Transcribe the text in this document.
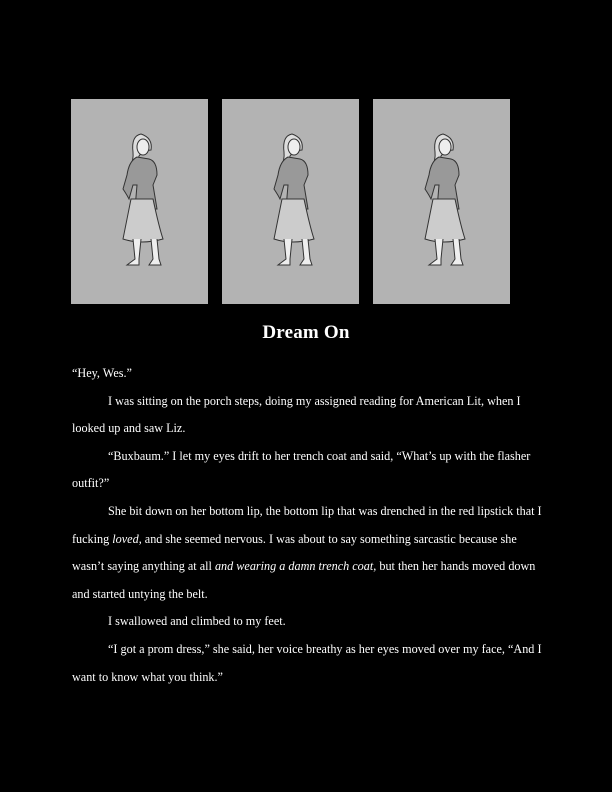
Dream On

“Hey, Wes.”

I was sitting on the porch steps, doing my assigned reading for American Lit, when I looked up and saw Liz.

“Buxbaum.” I let my eyes drift to her trench coat and said, “What’s up with the flasher outfit?”

She bit down on her bottom lip, the bottom lip that was drenched in the red lipstick that I fucking loved, and she seemed nervous. I was about to say something sarcastic because she wasn’t saying anything at all and wearing a damn trench coat, but then her hands moved down and started untying the belt.

I swallowed and climbed to my feet.

“I got a prom dress,” she said, her voice breathy as her eyes moved over my face, “And I want to know what you think.”
